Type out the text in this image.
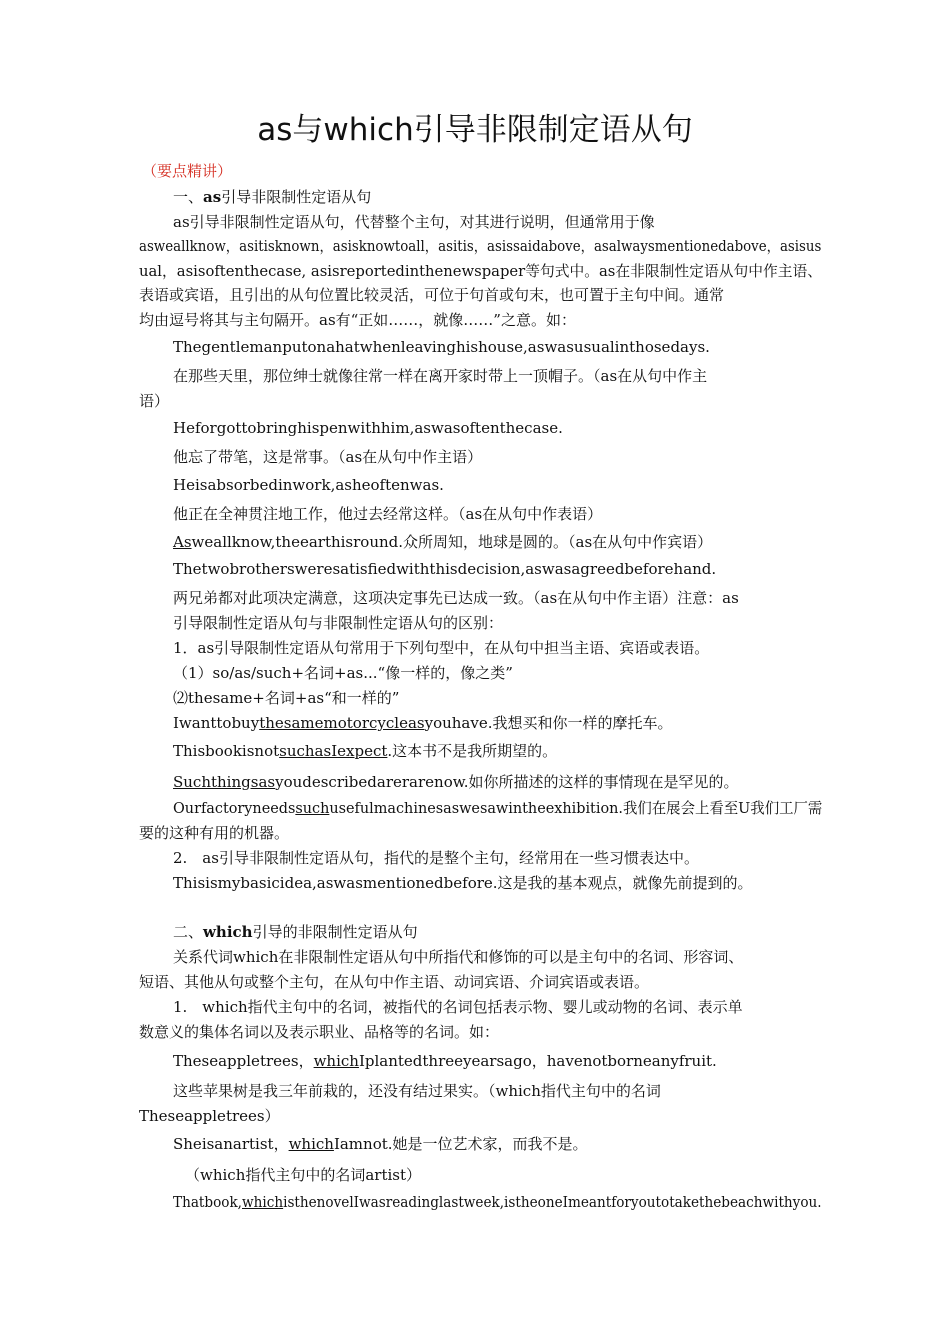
as与which引导非限制定语从句
（要点精讲）
一、as引导非限制性定语从句
as引导非限制性定语从句，代替整个主句，对其进行说明，但通常用于像
asweallknow，asitisknown，asisknowtoall，asitis，asissaidabove，asalwaysmentionedabove，asisus
ual，asisoftenthecase, asisreportedinthenewspaper等句式中。as在非限制性定语从句中作主语、
表语或宾语，且引出的从句位置比较灵活，可位于句首或句末，也可置于主句中间。通常
均由逗号将其与主句隔开。as有“正如……，就像……”之意。如：
Thegentlemanputonahatwhenleavinghishouse,aswasusualinthosedays.
在那些天里，那位绅士就像往常一样在离开家时带上一顶帽子。（as在从句中作主
语）
Heforgottobringhispenwithhim,aswasoftenthecase.
他忘了带笔，这是常事。（as在从句中作主语）
Heisabsorbedinwork,asheoftenwas.
他正在全神贯注地工作，他过去经常这样。（as在从句中作表语）
Asweallknow,theearthisround.众所周知，地球是圆的。（as在从句中作宾语）
Thetwobrothersweresatisfiedwiththisdecision,aswasagreedbeforehand.
两兄弟都对此项决定满意，这项决定事先已达成一致。（as在从句中作主语）注意：as
引导限制性定语从句与非限制性定语从句的区别：
1．as引导限制性定语从句常用于下列句型中，在从句中担当主语、宾语或表语。
（1）so/as/such+名词+as...“像一样的，像之类”
⑵thesame+名词+as“和一样的”
Iwanttobuythesamemotorcycleasyouhave.我想买和你一样的摩托车。
ThisbookisnotsuchasIexpect.这本书不是我所期望的。
Suchthingsasyoudescribedarerarenow.如你所描述的这样的事情现在是罕见的。
Ourfactoryneedssuchusefulmachinesaswesawintheexhibition.我们在展会上看至U我们工厂需
要的这种有用的机器。
2.　as引导非限制性定语从句，指代的是整个主句，经常用在一些习惯表达中。
Thisismybasicidea,aswasmentionedbefore.这是我的基本观点，就像先前提到的。
二、which引导的非限制性定语从句
关系代词which在非限制性定语从句中所指代和修饰的可以是主句中的名词、形容词、
短语、其他从句或整个主句，在从句中作主语、动词宾语、介词宾语或表语。
1.　which指代主句中的名词，被指代的名词包括表示物、婴儿或动物的名词、表示单
数意义的集体名词以及表示职业、品格等的名词。如：
Theseappletrees，whichIplantedthreeyearsago，havenotborneanyfruit.
这些苹果树是我三年前栽的，还没有结过果实。（which指代主句中的名词
Theseappletrees）
Sheisanartist，whichIamnot.她是一位艺术家，而我不是。
（which指代主句中的名词artist）
Thatbook,whichisthenovelIwasreadinglastweek,istheoneImeantforyoutotakethebeachwithyou.
